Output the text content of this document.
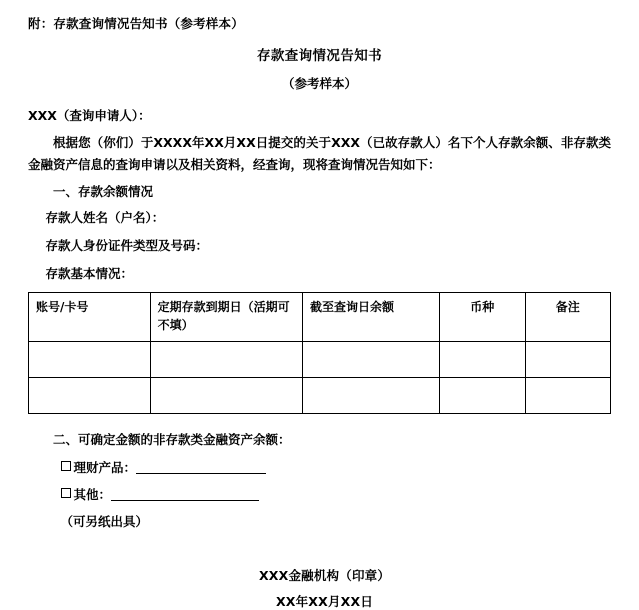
附：存款查询情况告知书（参考样本）
存款查询情况告知书
（参考样本）
XXX（查询申请人）：
根据您（你们）于XXXX年XX月XX日提交的关于XXX（已故存款人）名下个人存款余额、非存款类金融资产信息的查询申请以及相关资料，经查询，现将查询情况告知如下：
一、存款余额情况
存款人姓名（户名）：
存款人身份证件类型及号码：
存款基本情况：
账号/卡号	定期存款到期日（活期可不填）	截至查询日余额	币种	备注

二、可确定金额的非存款类金融资产余额：
理财产品：
其他：
（可另纸出具）
XXX金融机构（印章）
XX年XX月XX日
